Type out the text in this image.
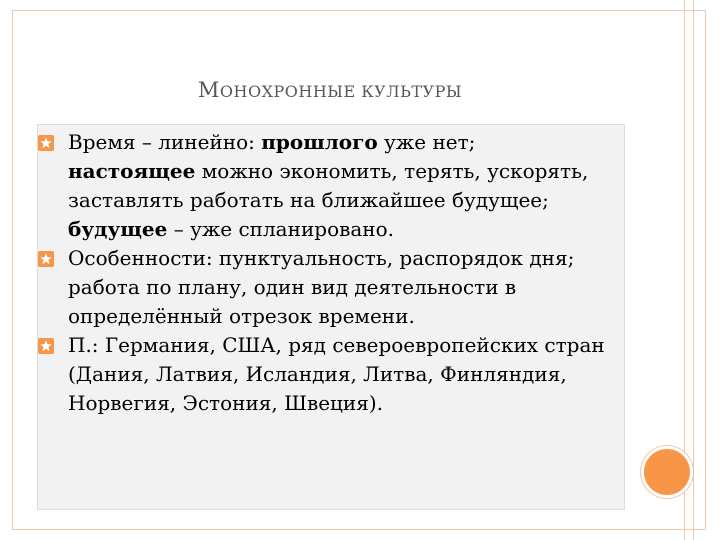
МОНОХРОННЫЕ КУЛЬТУРЫ
Время – линейно: прошлого уже нет; настоящее можно экономить, терять, ускорять, заставлять работать на ближайшее будущее; будущее – уже спланировано.
Особенности: пунктуальность, распорядок дня; работа по плану, один вид деятельности в определённый отрезок времени.
П.: Германия, США, ряд североевропейских стран (Дания, Латвия, Исландия, Литва, Финляндия, Норвегия, Эстония, Швеция).
